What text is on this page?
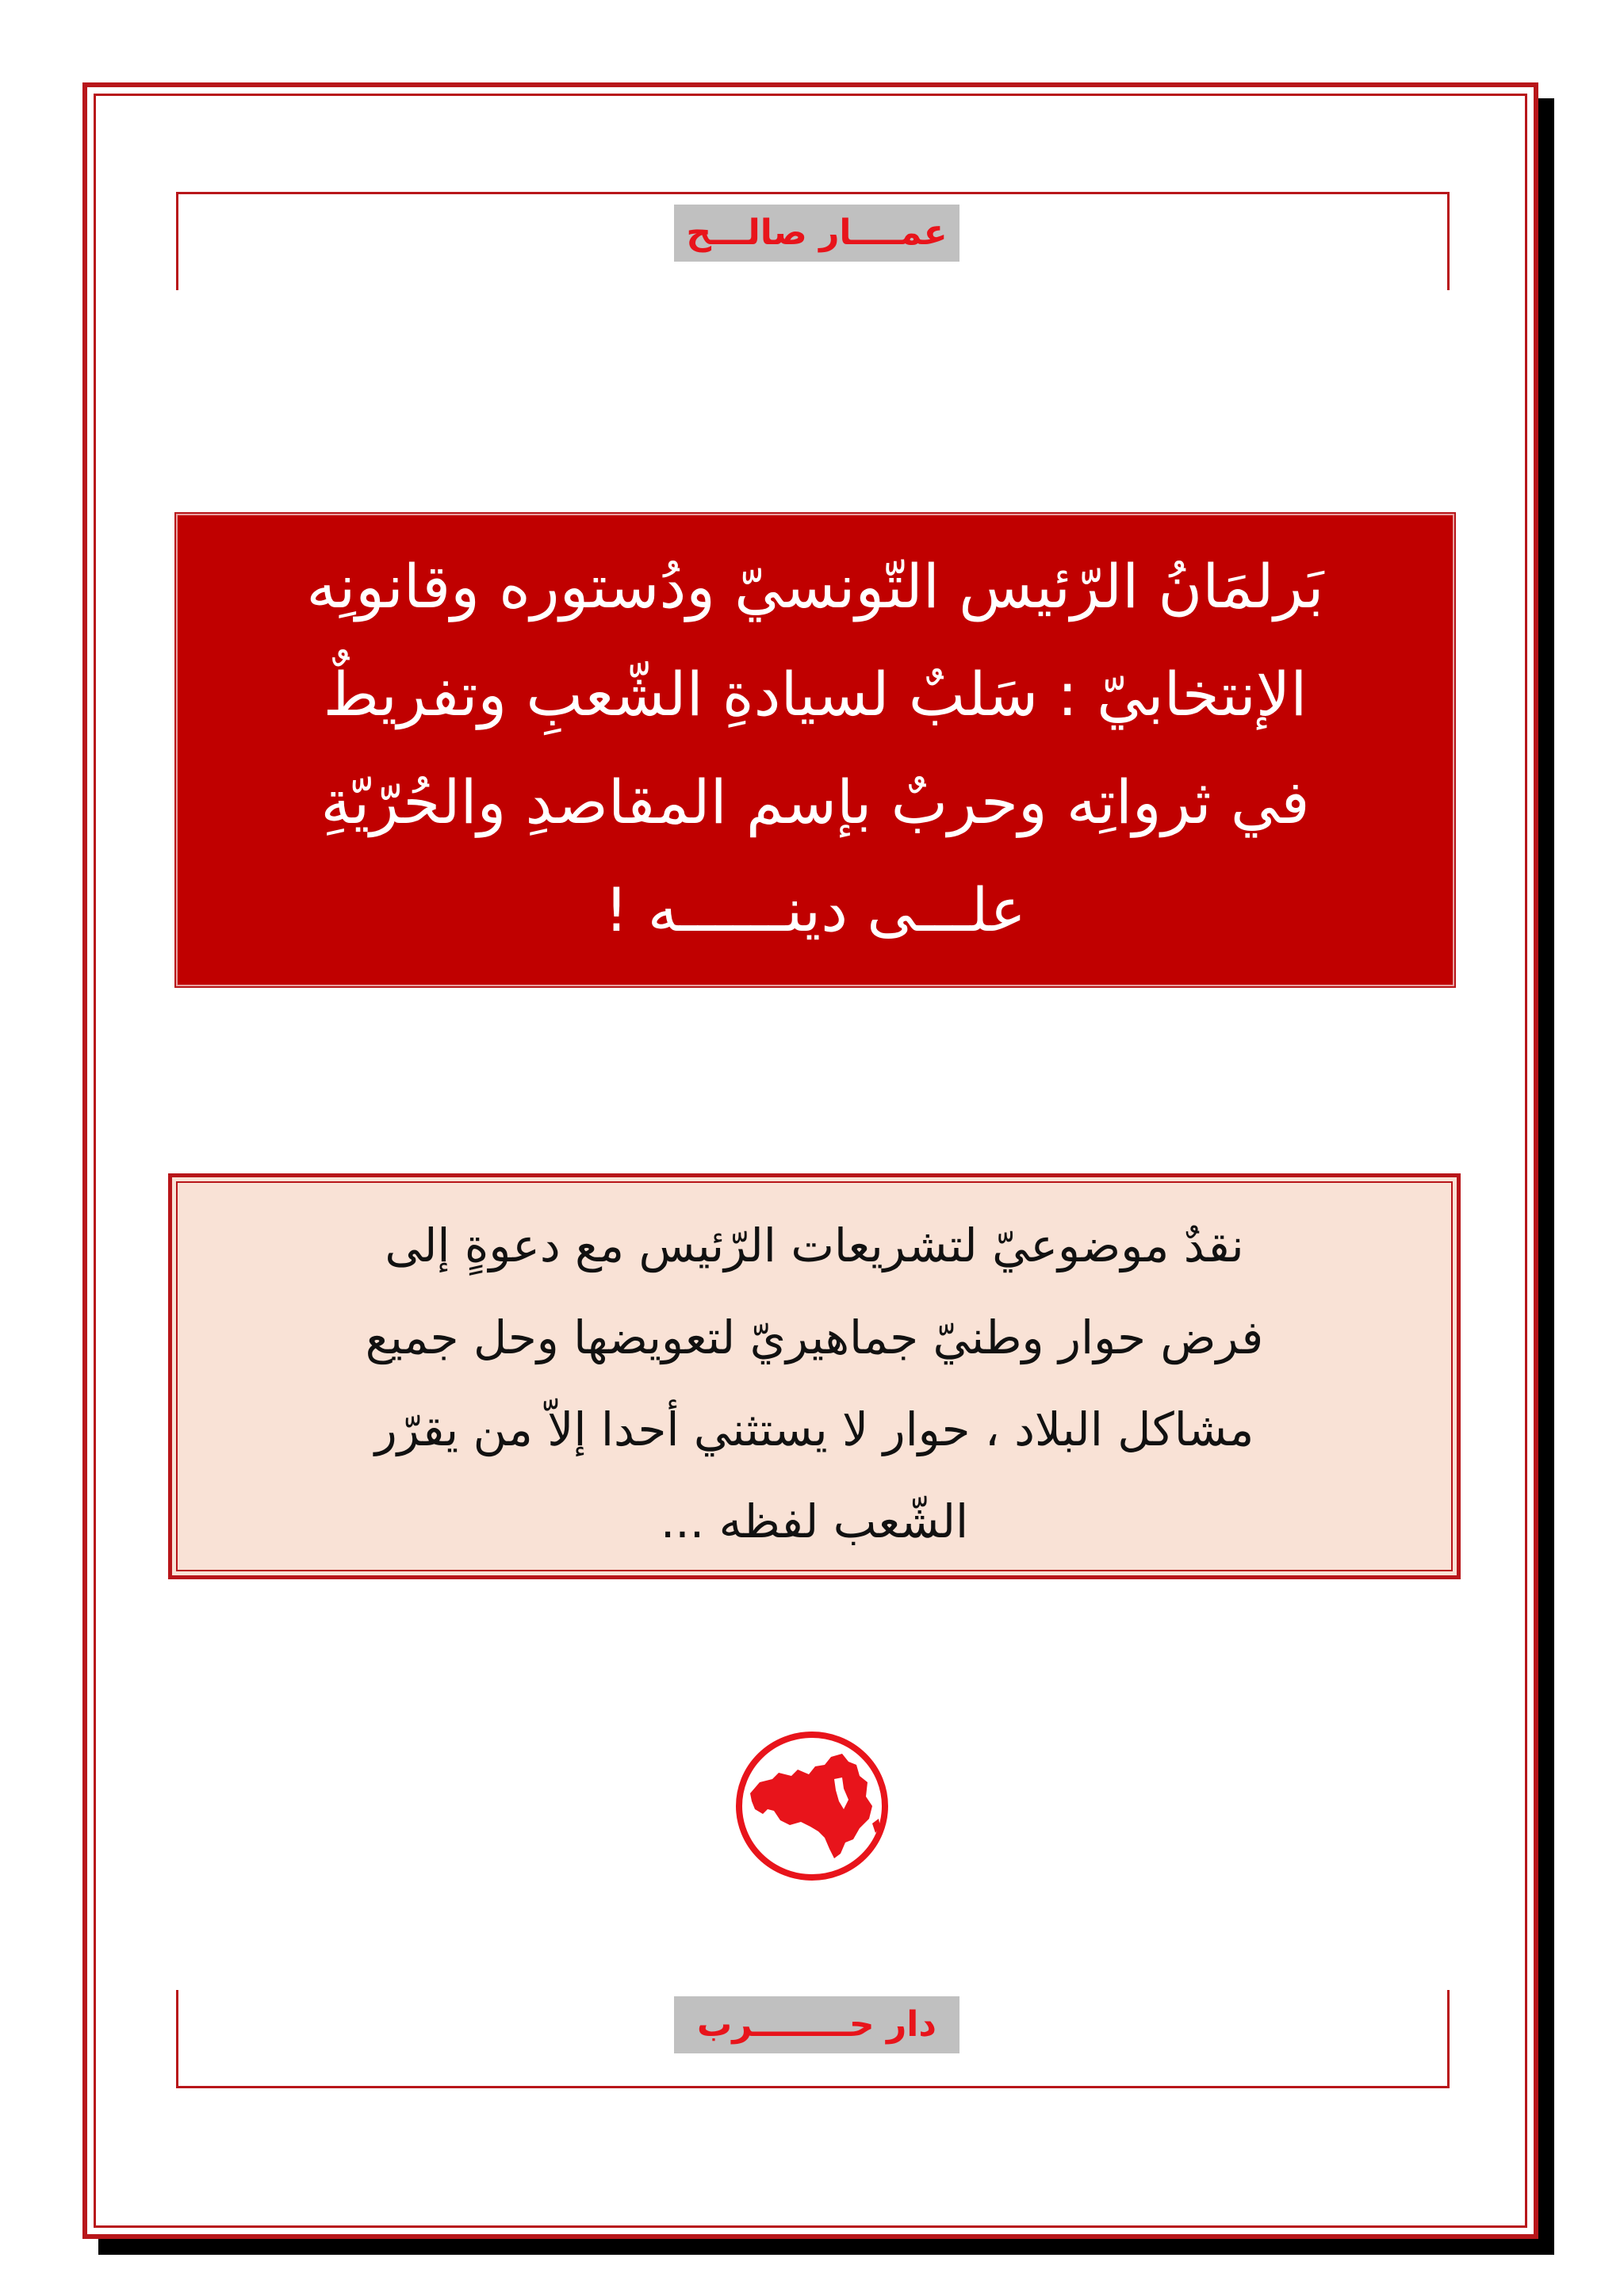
عمــــار صالـــح
بَرلمَانُ الرّئيس التّونسيّ ودُستوره وقانونِه
الإنتخابيّ : سَلبٌ لسيادةِ الشّعبِ وتفريطٌ
في ثرواتِه وحربٌ بإسم المقاصدِ والحُرّيّةِ
علـــى دينــــــه !
نقدٌ موضوعيّ لتشريعات الرّئيس مع دعوةٍ إلى
فرض حوار وطنيّ جماهيريّ لتعويضها وحل جميع
مشاكل البلاد ، حوار لا يستثني أحدا إلاّ من يقرّر
الشّعب لفظه ...
دار حــــــــرب
